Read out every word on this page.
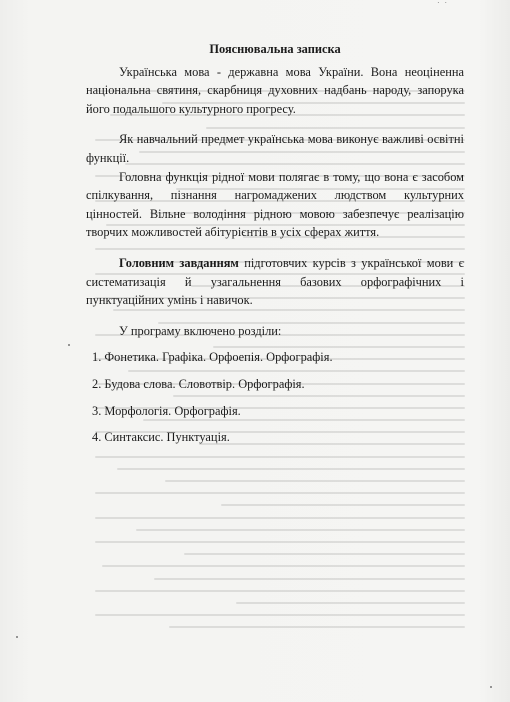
˙ ˙
Пояснювальна записка

Українська мова - державна мова України. Вона неоціненна національна святиня, скарбниця духовних надбань народу, запорука його подальшого культурного прогресу.

Як навчальний предмет українська мова виконує важливі освітні функції.

Головна функція рідної мови полягає в тому, що вона є засобом спілкування, пізнання нагромаджених людством культурних цінностей. Вільне володіння рідною мовою забезпечує реалізацію творчих можливостей абітурієнтів в усіх сферах життя.

Головним завданням підготовчих курсів з української мови є систематизація й узагальнення базових орфографічних і пунктуаційних умінь і навичок.

У програму включено розділи:

1. Фонетика. Графіка. Орфоепія. Орфографія.
2. Будова слова. Словотвір. Орфографія.
3. Морфологія. Орфографія.
4. Синтаксис. Пунктуація.
